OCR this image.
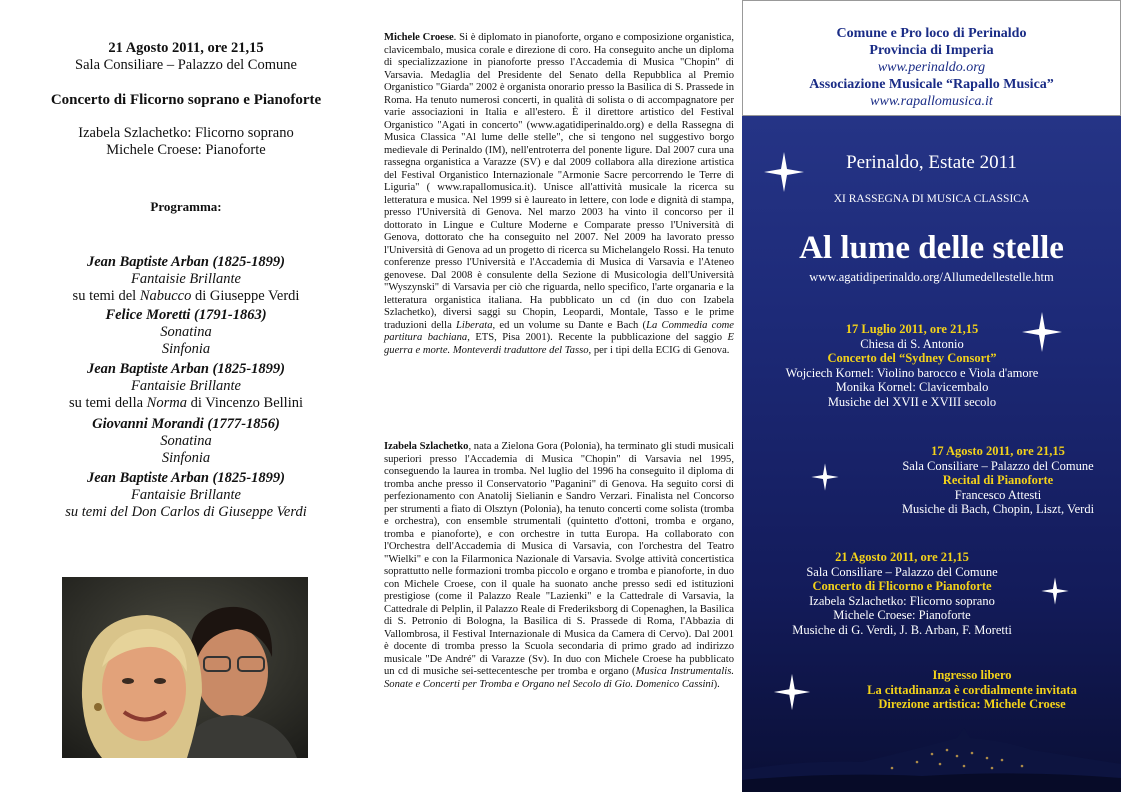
21 Agosto 2011, ore 21,15
Sala Consiliare – Palazzo del Comune
Concerto di Flicorno soprano e Pianoforte
Izabela Szlachetko: Flicorno soprano
Michele Croese: Pianoforte
Programma:
Jean Baptiste Arban (1825-1899)
Fantaisie Brillante
su temi del Nabucco di Giuseppe Verdi
Felice Moretti (1791-1863)
Sonatina
Sinfonia
Jean Baptiste Arban (1825-1899)
Fantaisie Brillante
su temi della Norma di Vincenzo Bellini
Giovanni Morandi (1777-1856)
Sonatina
Sinfonia
Jean Baptiste Arban (1825-1899)
Fantaisie Brillante
su temi del Don Carlos di Giuseppe Verdi
Michele Croese. Si è diplomato in pianoforte, organo e composizione organistica, clavicembalo, musica corale e direzione di coro. Ha conseguito anche un diploma di specializzazione in pianoforte presso l'Accademia di Musica "Chopin" di Varsavia. Medaglia del Presidente del Senato della Repubblica al Premio Organistico "Giarda" 2002 è organista onorario presso la Basilica di S. Prassede in Roma. Ha tenuto numerosi concerti, in qualità di solista o di accompagnatore per varie associazioni in Italia e all'estero. È il direttore artistico del Festival Organistico "Agati in concerto" (www.agatidiperinaldo.org) e della Rassegna di Musica Classica "Al lume delle stelle", che si tengono nel suggestivo borgo medievale di Perinaldo (IM), nell'entroterra del ponente ligure. Dal 2007 cura una rassegna organistica a Varazze (SV) e dal 2009 collabora alla direzione artistica del Festival Organistico Internazionale "Armonie Sacre percorrendo le Terre di Liguria" ( www.rapallomusica.it). Unisce all'attività musicale la ricerca su letteratura e musica. Nel 1999 si è laureato in lettere, con lode e dignità di stampa, presso l'Università di Genova. Nel marzo 2003 ha vinto il concorso per il dottorato in Lingue e Culture Moderne e Comparate presso l'Università di Genova, dottorato che ha conseguito nel 2007. Nel 2009 ha lavorato presso l'Università di Genova ad un progetto di ricerca su Michelangelo Rossi. Ha tenuto conferenze presso l'Università e l'Accademia di Musica di Varsavia e l'Ateneo genovese. Dal 2008 è consulente della Sezione di Musicologia dell'Università "Wyszynski" di Varsavia per ciò che riguarda, nello specifico, l'arte organaria e la letteratura organistica italiana. Ha pubblicato un cd (in duo con Izabela Szlachetko), diversi saggi su Chopin, Leopardi, Montale, Tasso e le prime traduzioni della Liberata, ed un volume su Dante e Bach (La Commedia come partitura bachiana, ETS, Pisa 2001). Recente la pubblicazione del saggio E guerra e morte. Monteverdi traduttore del Tasso, per i tipi della ECIG di Genova.
Izabela Szlachetko, nata a Zielona Gora (Polonia), ha terminato gli studi musicali superiori presso l'Accademia di Musica "Chopin" di Varsavia nel 1995, conseguendo la laurea in tromba. Nel luglio del 1996 ha conseguito il diploma di tromba anche presso il Conservatorio "Paganini" di Genova. Ha seguito corsi di perfezionamento con Anatolij Sielianin e Sandro Verzari. Finalista nel Concorso per strumenti a fiato di Olsztyn (Polonia), ha tenuto concerti come solista (tromba e orchestra), con ensemble strumentali (quintetto d'ottoni, tromba e organo, tromba e pianoforte), e con orchestre in tutta Europa. Ha collaborato con l'Orchestra dell'Accademia di Musica di Varsavia, con l'orchestra del Teatro "Wielki" e con la Filarmonica Nazionale di Varsavia. Svolge attività concertistica soprattutto nelle formazioni tromba piccolo e organo e tromba e pianoforte, in duo con Michele Croese, con il quale ha suonato anche presso sedi ed istituzioni prestigiose (come il Palazzo Reale "Lazienki" e la Cattedrale di Varsavia, la Cattedrale di Pelplin, il Palazzo Reale di Frederiksborg di Copenaghen, la Basilica di S. Petronio di Bologna, la Basilica di S. Prassede di Roma, l'Abbazia di Vallombrosa, il Festival Internazionale di Musica da Camera di Cervo). Dal 2001 è docente di tromba presso la Scuola secondaria di primo grado ad indirizzo musicale "De André" di Varazze (Sv). In duo con Michele Croese ha pubblicato un cd di musiche sei-settecentesche per tromba e organo (Musica Instrumentalis. Sonate e Concerti per Tromba e Organo nel Secolo di Gio. Domenico Cassini).
Comune e Pro loco di Perinaldo
Provincia di Imperia
www.perinaldo.org
Associazione Musicale “Rapallo Musica”
www.rapallomusica.it
Perinaldo, Estate 2011
XI RASSEGNA DI MUSICA CLASSICA
Al lume delle stelle
www.agatidiperinaldo.org/Allumedellestelle.htm
17 Luglio 2011, ore 21,15
Chiesa di S. Antonio
Concerto del “Sydney Consort”
Wojciech Kornel: Violino barocco e Viola d'amore
Monika Kornel: Clavicembalo
Musiche del XVII e XVIII secolo
17 Agosto 2011, ore 21,15
Sala Consiliare – Palazzo del Comune
Recital di Pianoforte
Francesco Attesti
Musiche di Bach, Chopin, Liszt, Verdi
21 Agosto 2011, ore 21,15
Sala Consiliare – Palazzo del Comune
Concerto di Flicorno e Pianoforte
Izabela Szlachetko: Flicorno soprano
Michele Croese: Pianoforte
Musiche di G. Verdi, J. B. Arban, F. Moretti
Ingresso libero
La cittadinanza è cordialmente invitata
Direzione artistica: Michele Croese
